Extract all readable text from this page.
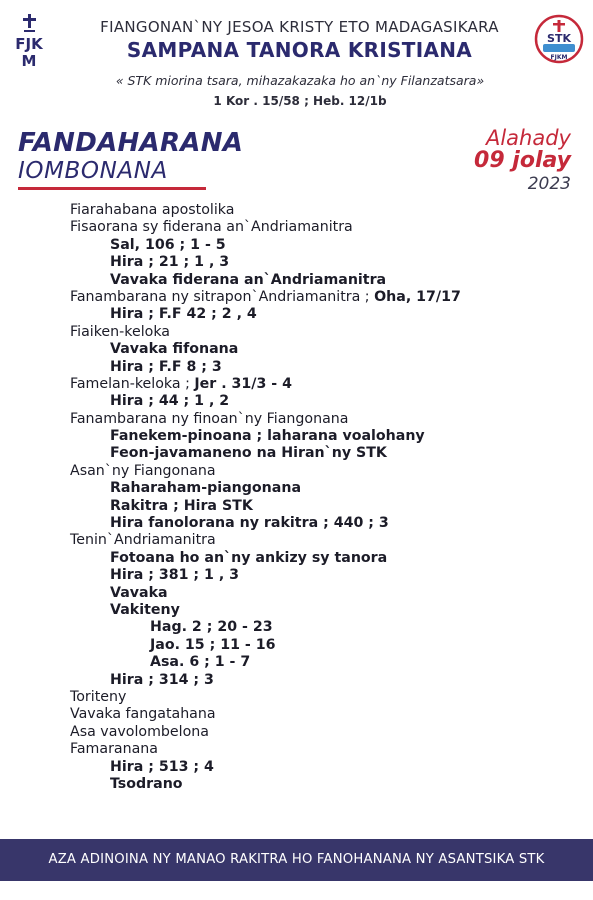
FJKM
FIANGONAN`NY JESOA KRISTY ETO MADAGASIKARA
SAMPANA TANORA KRISTIANA
« STK miorina tsara, mihazakazaka ho an`ny Filanzatsara»
1 Kor . 15/58 ; Heb. 12/1b
STK
FJKM
FANDAHARANA
IOMBONANA
Alahady
09 jolay
2023
Fiarahabana apostolika
Fisaorana sy fiderana an`Andriamanitra
Sal, 106 ; 1 - 5
Hira ; 21 ; 1 , 3
Vavaka fiderana an`Andriamanitra
Fanambarana ny sitrapon`Andriamanitra ; Oha, 17/17
Hira ; F.F 42 ; 2 , 4
Fiaiken-keloka
Vavaka fifonana
Hira ; F.F 8 ; 3
Famelan-keloka ; Jer . 31/3 - 4
Hira ; 44 ; 1 , 2
Fanambarana ny finoan`ny Fiangonana
Fanekem-pinoana ; laharana voalohany
Feon-javamaneno na Hiran`ny STK
Asan`ny Fiangonana
Raharaham-piangonana
Rakitra ; Hira STK
Hira fanolorana ny rakitra ; 440 ; 3
Tenin`Andriamanitra
Fotoana ho an`ny ankizy sy tanora
Hira ; 381 ; 1 , 3
Vavaka
Vakiteny
Hag. 2 ; 20 - 23
Jao. 15 ; 11 - 16
Asa. 6 ; 1 - 7
Hira ; 314 ; 3
Toriteny
Vavaka fangatahana
Asa vavolombelona
Famaranana
Hira ; 513 ; 4
Tsodrano
AZA ADINOINA NY MANAO RAKITRA HO FANOHANANA NY ASANTSIKA STK
